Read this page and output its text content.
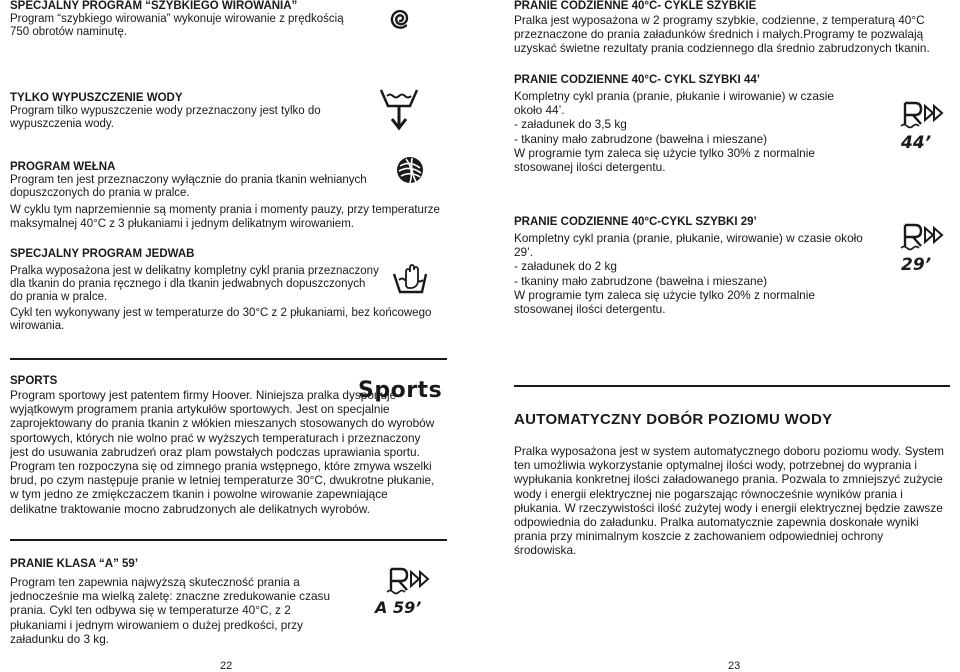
SPECJALNY PROGRAM “SZYBKIEGO WIROWANIA”

Program “szybkiego wirowania” wykonuje wirowanie z prędkością 750 obrotów naminutę.

TYLKO WYPUSZCZENIE WODY

Program tilko wypuszczenie wody przeznaczony jest tylko do wypuszczenia wody.

PROGRAM WEŁNA

Program ten jest przeznaczony wyłącznie do prania tkanin wełnianych dopuszczonych do prania w pralce.

W cyklu tym naprzemiennie są momenty prania i momenty pauzy, przy temperaturze maksymalnej 40°C z 3 płukaniami i jednym delikatnym wirowaniem.

SPECJALNY PROGRAM JEDWAB

Pralka wyposażona jest w delikatny kompletny cykl prania przeznaczony dla tkanin do prania ręcznego i dla tkanin jedwabnych dopuszczonych do prania w pralce.

Cykl ten wykonywany jest w temperaturze do 30°C z 2 płukaniami, bez końcowego wirowania.

SPORTS

Program sportowy jest patentem firmy Hoover. Niniejsza pralka dysponuje wyjątkowym programem prania artykułów sportowych. Jest on specjalnie zaprojektowany do prania tkanin z włókien mieszanych stosowanych do wyrobów sportowych, których nie wolno prać w wyższych temperaturach i przeznaczony jest do usuwania zabrudzeń oraz plam powstałych podczas uprawiania sportu. Program ten rozpoczyna się od zimnego prania wstępnego, które zmywa wszelki brud, po czym następuje pranie w letniej temperaturze 30°C, dwukrotne płukanie, w tym jedno ze zmiękczaczem tkanin i powolne wirowanie zapewniające delikatne traktowanie mocno zabrudzonych ale delikatnych wyrobów.

Sports

PRANIE KLASA “A” 59’

Program ten zapewnia najwyższą skuteczność prania a jednocześnie ma wielką zaletę: znaczne zredukowanie czasu prania. Cykl ten odbywa się w temperaturze 40°C, z 2 płukaniami i jednym wirowaniem o dużej predkości, przy załadunku do 3 kg.

A 59’
22

PRANIE CODZIENNE 40°C- CYKLE SZYBKIE

Pralka jest wyposażona w 2 programy szybkie, codzienne, z temperaturą 40°C przeznaczone do prania załadunków średnich i małych.Programy te pozwalają uzyskać świetne rezultaty prania codziennego dla średnio zabrudzonych tkanin.

PRANIE CODZIENNE 40°C- CYKL SZYBKI 44’

Kompletny cykl prania (pranie, płukanie i wirowanie) w czasie około 44’.

- załadunek do 3,5 kg

- tkaniny mało zabrudzone (bawełna i mieszane)

W programie tym zaleca się użycie tylko 30% z normalnie stosowanej ilości detergentu.

44’

PRANIE CODZIENNE 40°C-CYKL SZYBKI 29’

Kompletny cykl prania (pranie, płukanie, wirowanie) w czasie około 29’.

- załadunek do 2 kg

- tkaniny mało zabrudzone (bawełna i mieszane)

W programie tym zaleca się użycie tylko 20% z normalnie stosowanej ilości detergentu.

29’
AUTOMATYCZNY DOBÓR POZIOMU WODY

Pralka wyposażona jest w system automatycznego doboru poziomu wody. System ten umożliwia wykorzystanie optymalnej ilości wody, potrzebnej do wyprania i wypłukania konkretnej ilości załadowanego prania. Pozwala to zmniejszyć zużycie wody i energii elektrycznej nie pogarszając równocześnie wyników prania i płukania. W rzeczywistości ilość zużytej wody i energii elektrycznej będzie zawsze odpowiednia do załadunku. Pralka automatycznie zapewnia doskonałe wyniki prania przy minimalnym koszcie z zachowaniem odpowiedniej ochrony środowiska.

23
